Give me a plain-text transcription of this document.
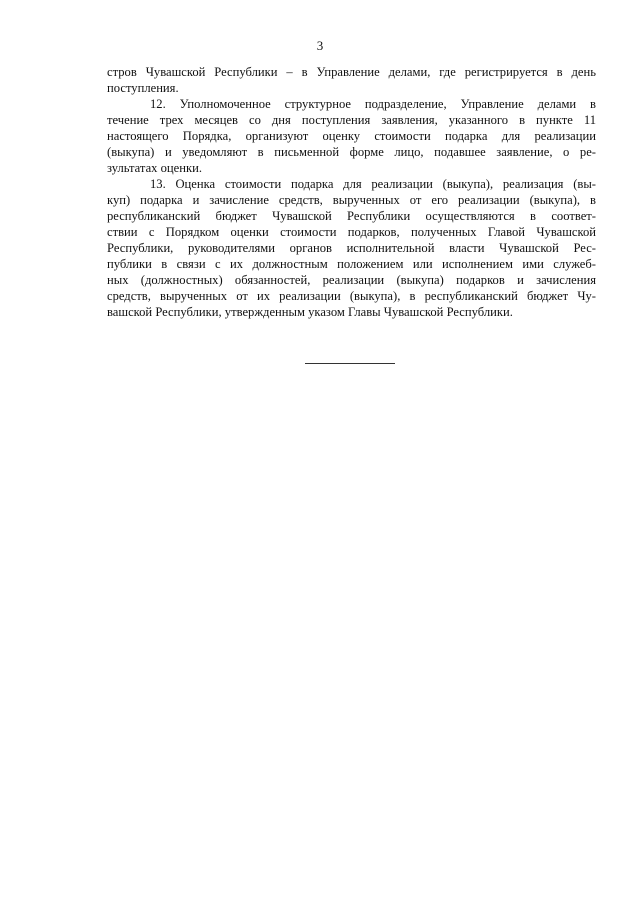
3
стров Чувашской Республики – в Управление делами, где регистрируется в день
поступления.
12. Уполномоченное структурное подразделение, Управление делами в
течение трех месяцев со дня поступления заявления, указанного в пункте 11
настоящего Порядка, организуют оценку стоимости подарка для реализации
(выкупа) и уведомляют в письменной форме лицо, подавшее заявление, о ре-
зультатах оценки.
13. Оценка стоимости подарка для реализации (выкупа), реализация (вы-
куп) подарка и зачисление средств, вырученных от его реализации (выкупа), в
республиканский бюджет Чувашской Республики осуществляются в соответ-
ствии с Порядком оценки стоимости подарков, полученных Главой Чувашской
Республики, руководителями органов исполнительной власти Чувашской Рес-
публики в связи с их должностным положением или исполнением ими служеб-
ных (должностных) обязанностей, реализации (выкупа) подарков и зачисления
средств, вырученных от их реализации (выкупа), в республиканский бюджет Чу-
вашской Республики, утвержденным указом Главы Чувашской Республики.
